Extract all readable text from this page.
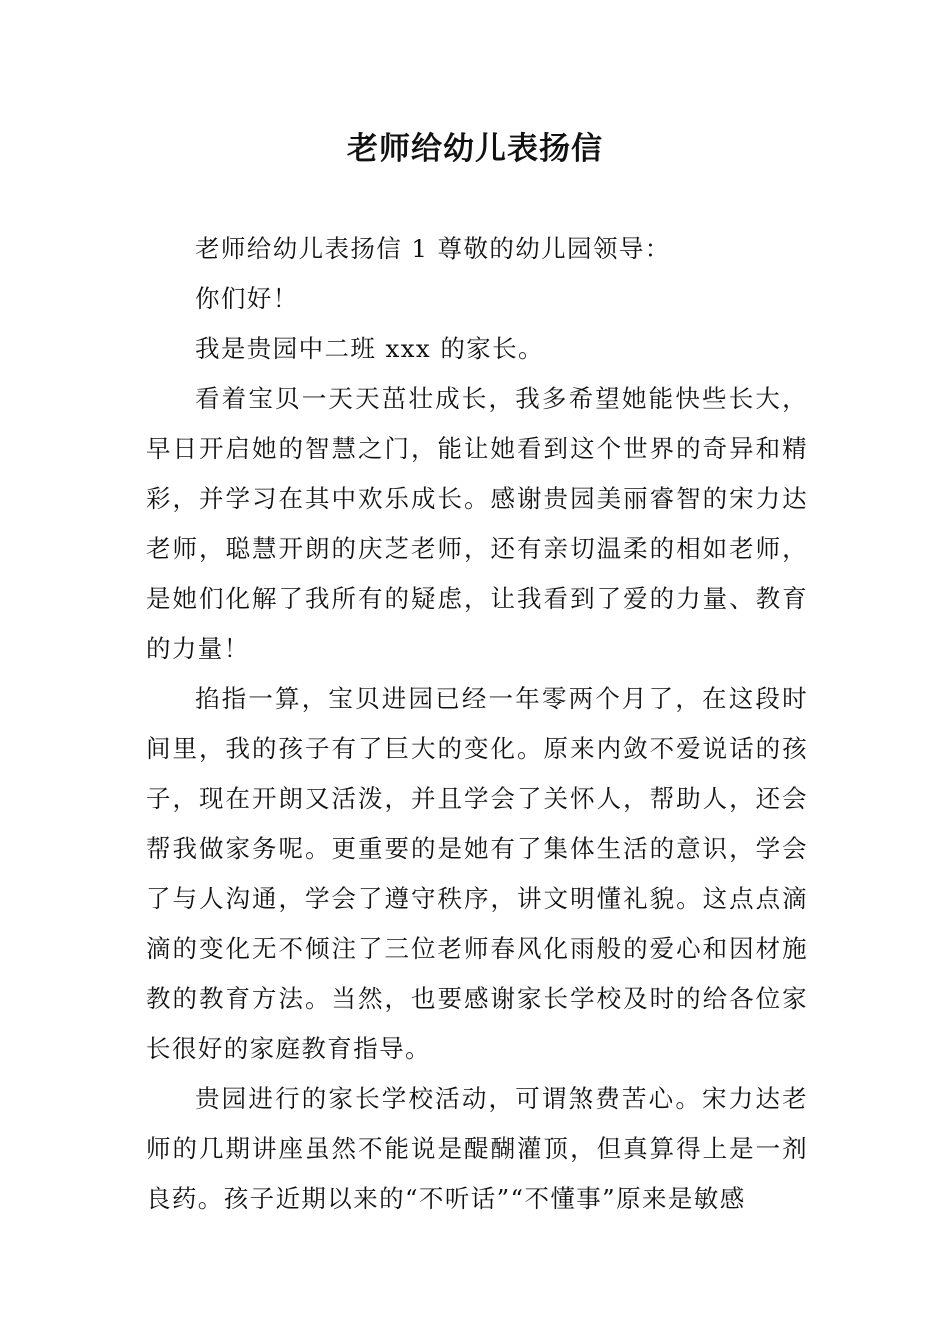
老师给幼儿表扬信

老师给幼儿表扬信 1 尊敬的幼儿园领导：

你们好！

我是贵园中二班 xxx 的家长。

看着宝贝一天天茁壮成长，我多希望她能快些长大，早日开启她的智慧之门，能让她看到这个世界的奇异和精彩，并学习在其中欢乐成长。感谢贵园美丽睿智的宋力达老师，聪慧开朗的庆芝老师，还有亲切温柔的相如老师，是她们化解了我所有的疑虑，让我看到了爱的力量、教育的力量！

掐指一算，宝贝进园已经一年零两个月了，在这段时间里，我的孩子有了巨大的变化。原来内敛不爱说话的孩子，现在开朗又活泼，并且学会了关怀人，帮助人，还会帮我做家务呢。更重要的是她有了集体生活的意识，学会了与人沟通，学会了遵守秩序，讲文明懂礼貌。这点点滴滴的变化无不倾注了三位老师春风化雨般的爱心和因材施教的教育方法。当然，也要感谢家长学校及时的给各位家长很好的家庭教育指导。

贵园进行的家长学校活动，可谓煞费苦心。宋力达老师的几期讲座虽然不能说是醍醐灌顶，但真算得上是一剂良药。孩子近期以来的“不听话”“不懂事”原来是敏感
